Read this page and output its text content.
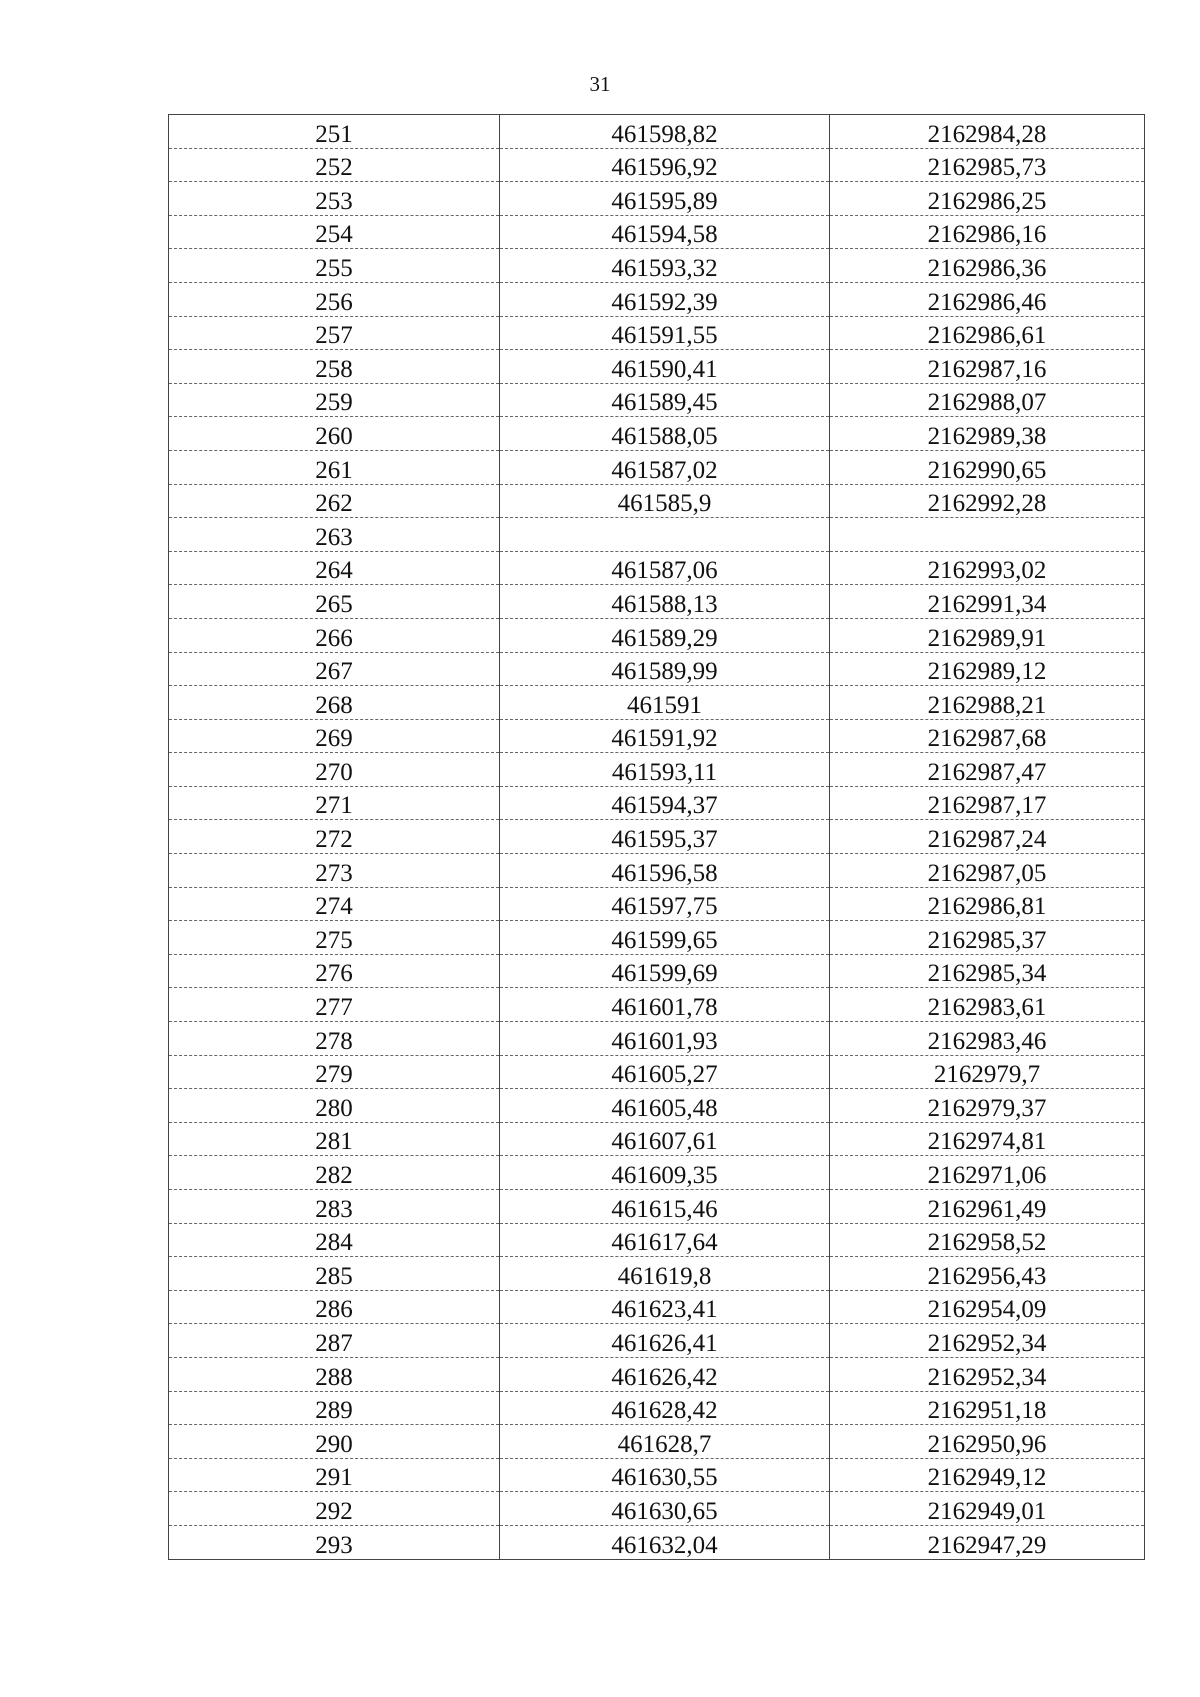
31
251	461598,82	2162984,28
252	461596,92	2162985,73
253	461595,89	2162986,25
254	461594,58	2162986,16
255	461593,32	2162986,36
256	461592,39	2162986,46
257	461591,55	2162986,61
258	461590,41	2162987,16
259	461589,45	2162988,07
260	461588,05	2162989,38
261	461587,02	2162990,65
262	461585,9	2162992,28
263		
264	461587,06	2162993,02
265	461588,13	2162991,34
266	461589,29	2162989,91
267	461589,99	2162989,12
268	461591	2162988,21
269	461591,92	2162987,68
270	461593,11	2162987,47
271	461594,37	2162987,17
272	461595,37	2162987,24
273	461596,58	2162987,05
274	461597,75	2162986,81
275	461599,65	2162985,37
276	461599,69	2162985,34
277	461601,78	2162983,61
278	461601,93	2162983,46
279	461605,27	2162979,7
280	461605,48	2162979,37
281	461607,61	2162974,81
282	461609,35	2162971,06
283	461615,46	2162961,49
284	461617,64	2162958,52
285	461619,8	2162956,43
286	461623,41	2162954,09
287	461626,41	2162952,34
288	461626,42	2162952,34
289	461628,42	2162951,18
290	461628,7	2162950,96
291	461630,55	2162949,12
292	461630,65	2162949,01
293	461632,04	2162947,29
